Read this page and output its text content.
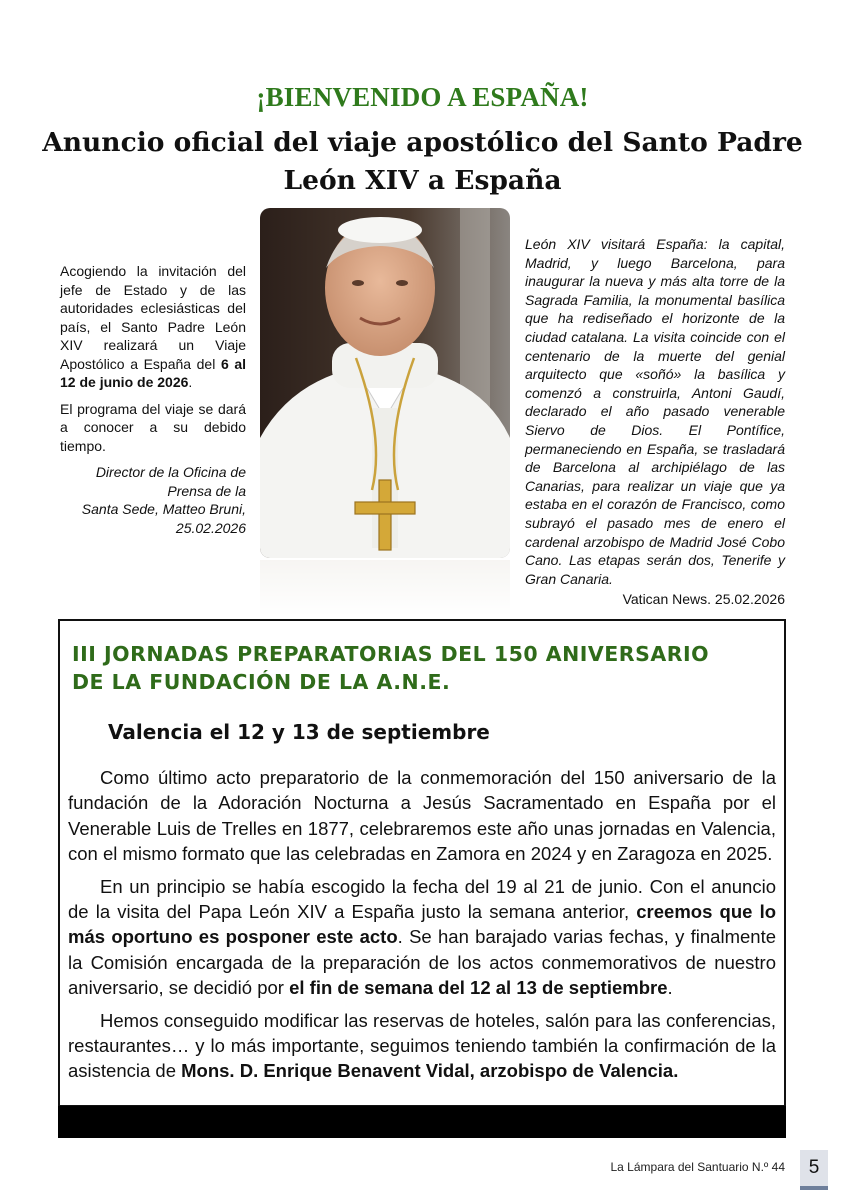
¡BIENVENIDO A ESPAÑA!
Anuncio oficial del viaje apostólico del Santo Padre
León XIV a España

Acogiendo la invitación del jefe de Estado y de las autoridades eclesiásticas del país, el Santo Padre León XIV realizará un Viaje Apostólico a España del 6 al 12 de junio de 2026.

El programa del viaje se dará a conocer a su debido tiempo.

Director de la Oficina de
Prensa de la
Santa Sede, Matteo Bruni,
25.02.2026

León XIV visitará España: la capital, Madrid, y luego Barcelona, para inaugurar la nueva y más alta torre de la Sagrada Familia, la monumental basílica que ha rediseñado el horizonte de la ciudad catalana. La visita coincide con el centenario de la muerte del genial arquitecto que «soñó» la basílica y comenzó a construirla, Antoni Gaudí, declarado el año pasado venerable Siervo de Dios. El Pontífice, permaneciendo en España, se trasladará de Barcelona al archipiélago de las Canarias, para realizar un viaje que ya estaba en el corazón de Francisco, como subrayó el pasado mes de enero el cardenal arzobispo de Madrid José Cobo Cano. Las etapas serán dos, Tenerife y Gran Canaria.
Vatican News. 25.02.2026
III JORNADAS PREPARATORIAS DEL 150 ANIVERSARIO
DE LA FUNDACIÓN DE LA A.N.E.
Valencia el 12 y 13 de septiembre

Como último acto preparatorio de la conmemoración del 150 aniversario de la fundación de la Adoración Nocturna a Jesús Sacramentado en España por el Venerable Luis de Trelles en 1877, celebraremos este año unas jornadas en Valencia, con el mismo formato que las celebradas en Zamora en 2024 y en Zaragoza en 2025.

En un principio se había escogido la fecha del 19 al 21 de junio. Con el anuncio de la visita del Papa León XIV a España justo la semana anterior, creemos que lo más oportuno es posponer este acto. Se han barajado varias fechas, y finalmente la Comisión encargada de la preparación de los actos conmemorativos de nuestro aniversario, se decidió por el fin de semana del 12 al 13 de septiembre.

Hemos conseguido modificar las reservas de hoteles, salón para las conferencias, restaurantes… y lo más importante, seguimos teniendo también la confirmación de la asistencia de Mons. D. Enrique Benavent Vidal, arzobispo de Valencia.

La Lámpara del Santuario N.º 44	5
